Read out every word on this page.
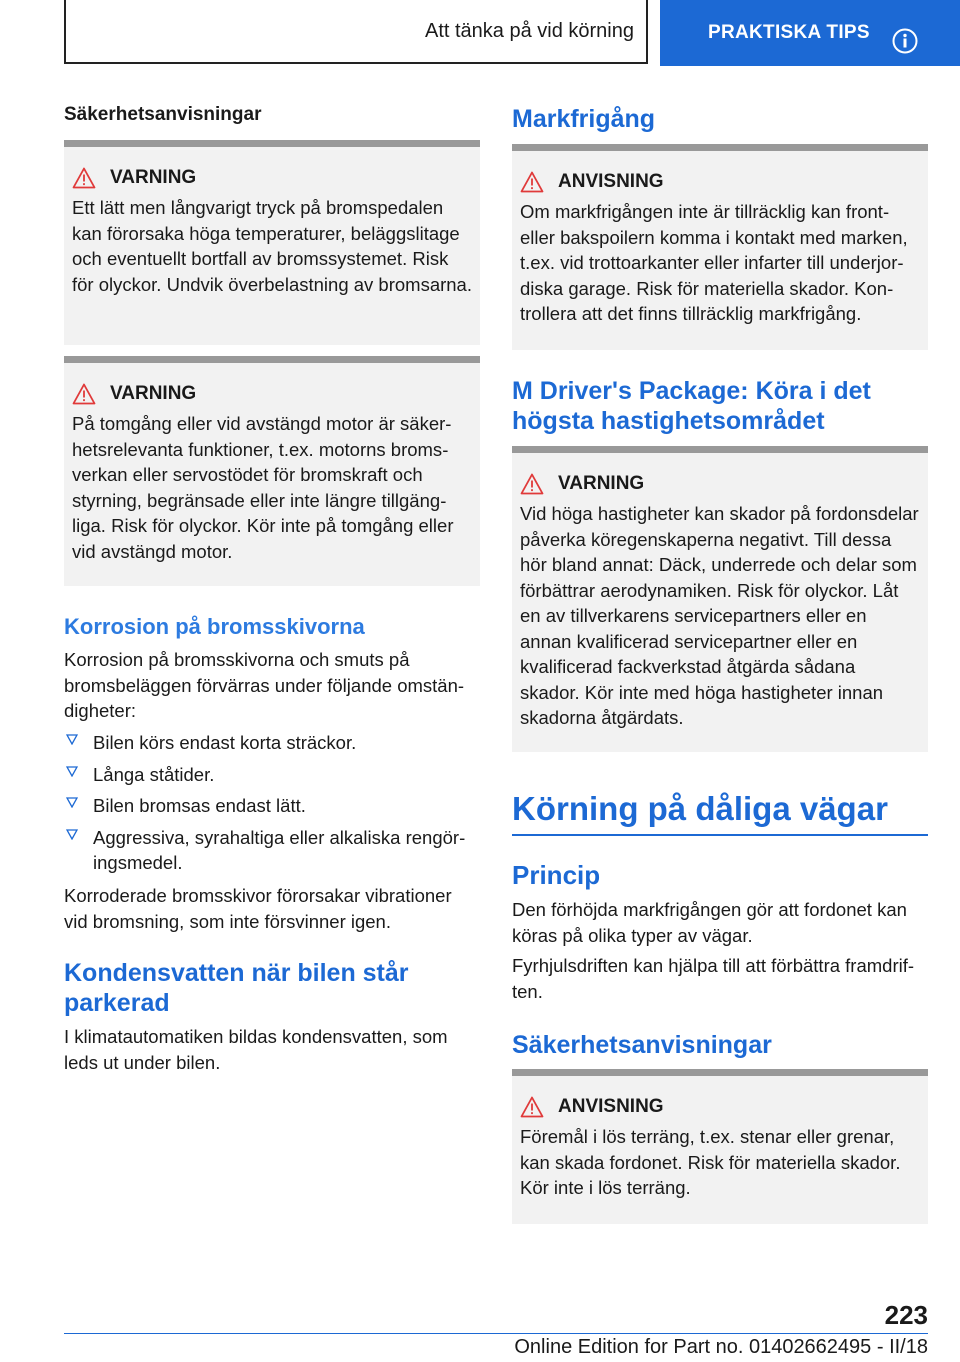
Att tänka på vid körning	PRAKTISKA TIPS
Säkerhetsanvisningar
VARNING

Ett lätt men långvarigt tryck på bromspedalen kan förorsaka höga temperaturer, beläggslitage och eventuellt bortfall av bromssystemet. Risk för olyckor. Undvik överbelastning av bromsarna.

VARNING

På tomgång eller vid avstängd motor är säkerhetsrelevanta funktioner, t.ex. motorns bromsverkan eller servostödet för bromskraft och styrning, begränsade eller inte längre tillgängliga. Risk för olyckor. Kör inte på tomgång eller vid avstängd motor.

Korrosion på bromsskivorna

Korrosion på bromsskivorna och smuts på bromsbeläggen förvärras under följande omständigheter:

Bilen körs endast korta sträckor.
Långa ståtider.
Bilen bromsas endast lätt.
Aggressiva, syrahaltiga eller alkaliska rengöringsmedel.

Korroderade bromsskivor förorsakar vibrationer vid bromsning, som inte försvinner igen.

Kondensvatten när bilen står parkerad

I klimatautomatiken bildas kondensvatten, som leds ut under bilen.

Markfrigång
ANVISNING

Om markfrigången inte är tillräcklig kan front- eller bakspoilern komma i kontakt med marken, t.ex. vid trottoarkanter eller infarter till underjordiska garage. Risk för materiella skador. Kontrollera att det finns tillräcklig markfrigång.

M Driver's Package: Köra i det högsta hastighetsområdet
VARNING

Vid höga hastigheter kan skador på fordonsdelar påverka köregenskaperna negativt. Till dessa hör bland annat: Däck, underrede och delar som förbättrar aerodynamiken. Risk för olyckor. Låt en av tillverkarens servicepartners eller en annan kvalificerad servicepartner eller en kvalificerad fackverkstad åtgärda sådana skador. Kör inte med höga hastigheter innan skadorna åtgärdats.

Körning på dåliga vägar
Princip

Den förhöjda markfrigången gör att fordonet kan köras på olika typer av vägar.

Fyrhjulsdriften kan hjälpa till att förbättra framdriften.

Säkerhetsanvisningar
ANVISNING

Föremål i lös terräng, t.ex. stenar eller grenar, kan skada fordonet. Risk för materiella skador. Kör inte i lös terräng.

223
Online Edition for Part no. 01402662495 - II/18
